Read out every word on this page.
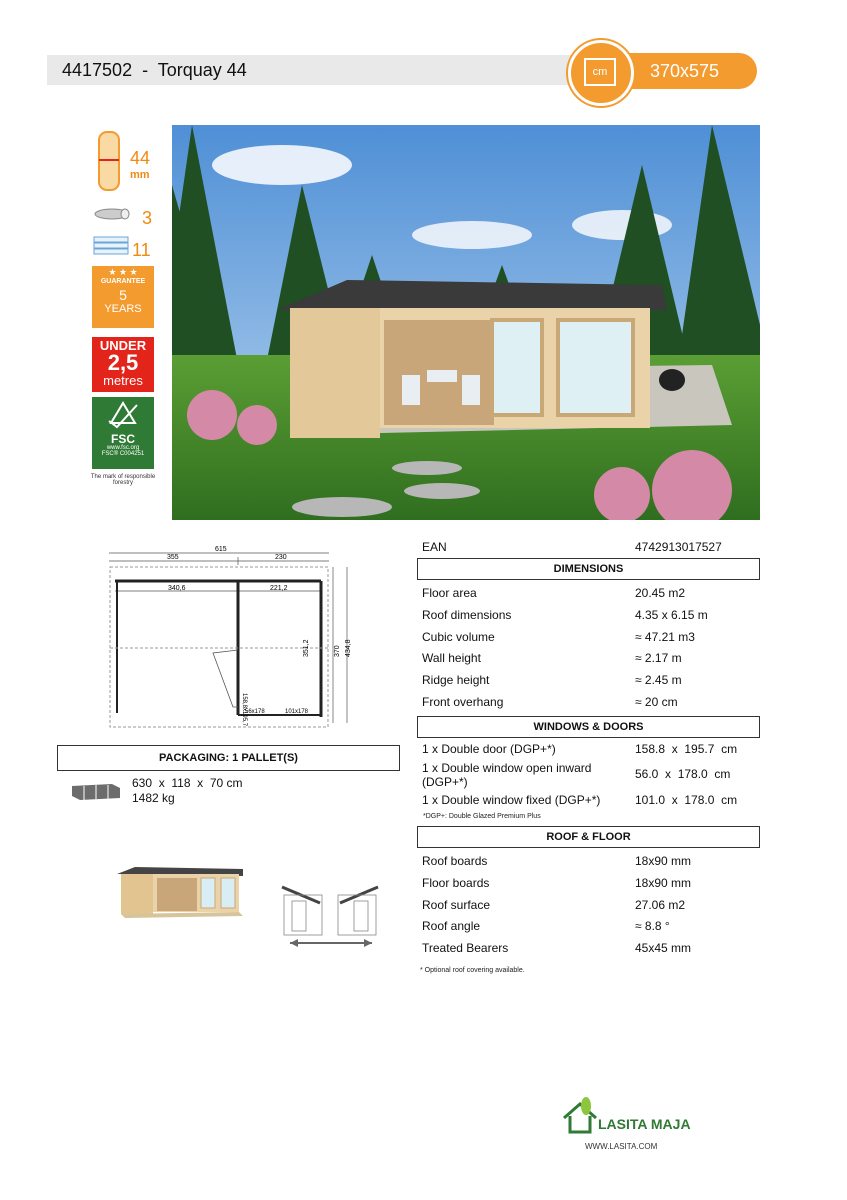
4417502  -  Torquay 44	cm	370x575
44
mm
3
11
★ ★ ★
GUARANTEE
5
YEARS
UNDER
2,5
metres
FSC
www.fsc.org
FSC® C004251
The mark of responsible forestry
615
355	230
340,6	221,2
351,2	370 434,8
158,8x195,7
56x178	101x178
PACKAGING: 1 PALLET(S)
630  x  118  x  70 cm
1482 kg
EAN	4742913017527
DIMENSIONS
Floor area	20.45 m2
Roof dimensions	4.35 x 6.15 m
Cubic volume	≈ 47.21 m3
Wall height	≈ 2.17 m
Ridge height	≈ 2.45 m
Front overhang	≈ 20 cm
WINDOWS & DOORS
1 x Double door (DGP+*)	158.8  x  195.7  cm
1 x Double window open inward (DGP+*)
56.0  x  178.0  cm
1 x Double window fixed (DGP+*)	101.0  x  178.0  cm
*DGP+: Double Glazed Premium Plus
ROOF & FLOOR
Roof boards	18x90 mm
Floor boards	18x90 mm
Roof surface	27.06 m2
Roof angle	≈ 8.8 °
Treated Bearers	45x45 mm
* Optional roof covering available.
LASITA MAJA
WWW.LASITA.COM
